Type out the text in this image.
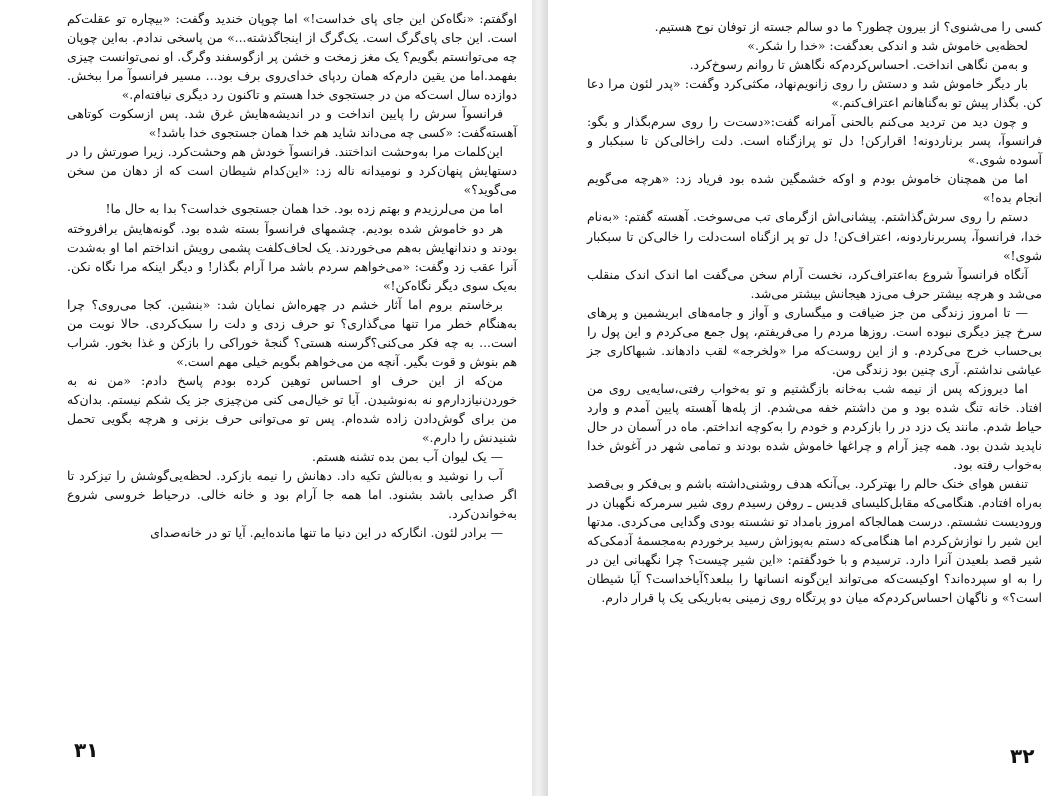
اوگفتم: «نگاه‌کن این جای پای خداست!» اما چوپان خندید وگفت: «بیچاره تو عقلت‌کم است. این جای پای‌گرگ است. یک‌گرگ از اینجاگذشته...» من پاسخی ندادم. به‌این چوپان چه می‌توانستم بگویم؟ یک مغز زمخت و خشن پر ازگوسفند وگرگ. او نمی‌توانست چیزی بفهمد.اما من یقین دارم‌که همان ردپای خدای‌روی برف بود... مسیر فرانسوآ مرا ببخش. دوازده سال است‌که من در جستجوی خدا هستم و تاکنون رد دیگری نیافته‌ام.»

فرانسوآ سرش را پایین انداخت و در اندیشه‌هایش غرق شد. پس ازسکوت کوتاهی آهسته‌گفت: «کسی چه می‌داند شاید هم خدا همان جستجوی خدا باشد!»

این‌کلمات مرا به‌وحشت انداختند. فرانسوآ خودش هم وحشت‌کرد. زیرا صورتش را در دستهایش پنهان‌کرد و نومیدانه ناله زد: «این‌کدام شیطان است که از دهان من سخن می‌گوید؟»

اما من می‌لرزیدم و بهتم زده بود. خدا همان جستجوی خداست؟ بدا به حال ما!

هر دو خاموش شده بودیم. چشمهای فرانسوآ بسته شده بود. گونه‌هایش برافروخته بودند و دندانهایش به‌هم می‌خوردند. یک لحاف‌کلفت پشمی رویش انداختم اما او به‌شدت آنرا عقب زد وگفت: «می‌خواهم سردم باشد مرا آرام بگذار! و دیگر اینکه مرا نگاه نکن. به‌یک سوی دیگر نگاه‌کن!»

برخاستم بروم اما آثار خشم در چهره‌اش نمایان شد: «بنشین. کجا می‌روی؟ چرا به‌هنگام خطر مرا تنها می‌گذاری؟ تو حرف زدی و دلت را سبک‌کردی. حالا نوبت من است... به چه فکر می‌کنی؟گرسنه هستی؟ گنجۀ خوراکی را بازکن و غذا بخور. شراب هم بنوش و قوت بگیر. آنچه من می‌خواهم بگویم خیلی مهم است.»

من‌که از این حرف او احساس توهین کرده بودم پاسخ دادم: «من نه به خوردن‌نیازدارم‌و نه به‌نوشیدن. آیا تو خیال‌می کنی من‌چیزی جز یک شکم نیستم. بدان‌که من برای گوش‌دادن زاده شده‌ام. پس تو می‌توانی حرف بزنی و هرچه بگویی تحمل شنیدنش را دارم.»

— یک لیوان آب بمن بده تشنه هستم.

آب را نوشید و به‌بالش تکیه داد. دهانش را نیمه بازکرد. لحظه‌یی‌گوشش را تیزکرد تا اگر صدایی باشد بشنود. اما همه جا آرام بود و خانه خالی. درحیاط خروسی شروع به‌خواندن‌کرد.

— برادر لئون. انگارکه در این دنیا ما تنها مانده‌ایم. آیا تو در خانه‌صدای

۳۱

کسی را می‌شنوی؟ از بیرون چطور؟ ما دو سالم جسته از توفان نوح هستیم.

لحظه‌یی خاموش شد و اندکی بعدگفت: «خدا را شکر.»

و به‌من نگاهی انداخت. احساس‌کردم‌که نگاهش تا روانم رسوخ‌کرد.

بار دیگر خاموش شد و دستش را روی زانویم‌نهاد، مکثی‌کرد وگفت: «پدر لئون مرا دعا کن. بگذار پیش تو به‌گناهانم اعتراف‌کنم.»

و چون دید من تردید می‌کنم بالحنی آمرانه گفت:«دست‌ت را روی سرم‌بگذار و بگو: فرانسوآ، پسر برناردونه! اقرارکن! دل تو پرازگناه است. دلت راخالی‌کن تا سبکبار و آسوده شوی.»

اما من همچنان خاموش بودم و او‌که خشمگین شده بود فریاد زد: «هرچه می‌گویم انجام بده!»

دستم را روی سرش‌گذاشتم. پیشانی‌اش ازگرمای تب می‌سوخت. آهسته گفتم: «به‌نام خدا، فرانسوآ، پسربرناردونه، اعتراف‌کن! دل تو پر ازگناه است‌دلت را خالی‌کن تا سبکبار شوی!»

آنگاه فرانسوآ شروع به‌اعتراف‌کرد، نخست آرام سخن می‌گفت اما اندک اندک منقلب می‌شد و هرچه بیشتر حرف می‌زد هیجانش بیشتر می‌شد.

— تا امروز زندگی من جز ضیافت و میگساری و آواز و جامه‌های ابریشمین و پرهای سرخ چیز دیگری نبوده است. روزها مردم را می‌فریفتم، پول جمع می‌کردم و این پول را بی‌حساب خرج می‌کردم. و از این روست‌که مرا «ولخرجه» لقب دادهاند. شبهاکاری جز عیاشی نداشتم. آری چنین بود زندگی من.

اما دیروز‌که پس از نیمه شب به‌خانه بازگشتیم و تو به‌خواب رفتی،سایه‌یی روی من افتاد. خانه تنگ شده بود و من داشتم خفه می‌شدم. از پله‌ها آهسته پایین آمدم و وارد حیاط شدم. مانند یک دزد در را بازکردم و خودم را به‌کوچه انداختم. ماه در آسمان در حال ناپدید شدن بود. همه چیز آرام و چراغها خاموش شده بودند و تمامی شهر در آغوش خدا به‌خواب رفته بود.

تنفس هوای خنک حالم را بهترکرد. بی‌آنکه هدف روشنی‌داشته باشم و بی‌فکر و بی‌قصد به‌راه افتادم. هنگامی‌که مقابل‌کلیسای قدیس ـ روفن رسیدم روی شیر سرمرکه نگهبان در ورودیست نشستم. درست همالجاکه امروز بامداد تو نشسته بودی وگدایی می‌کردی. مدتها این شیر را نوازش‌کردم اما هنگامی‌که دستم به‌پوزاش رسید برخوردم به‌مجسمۀ آدمکی‌که شیر قصد بلعیدن آنرا دارد. ترسیدم و با خودگفتم: «این شیر چیست؟ چرا نگهبانی این در را به او سپرده‌اند؟ او‌کیست‌که می‌تواند این‌گونه انسانها را ببلعد؟آیا‌خداست؟ آیا شیطان است؟» و ناگهان احساس‌کردم‌که میان دو پرتگاه روی زمینی به‌باریکی یک پا قرار دارم.

۳۲
